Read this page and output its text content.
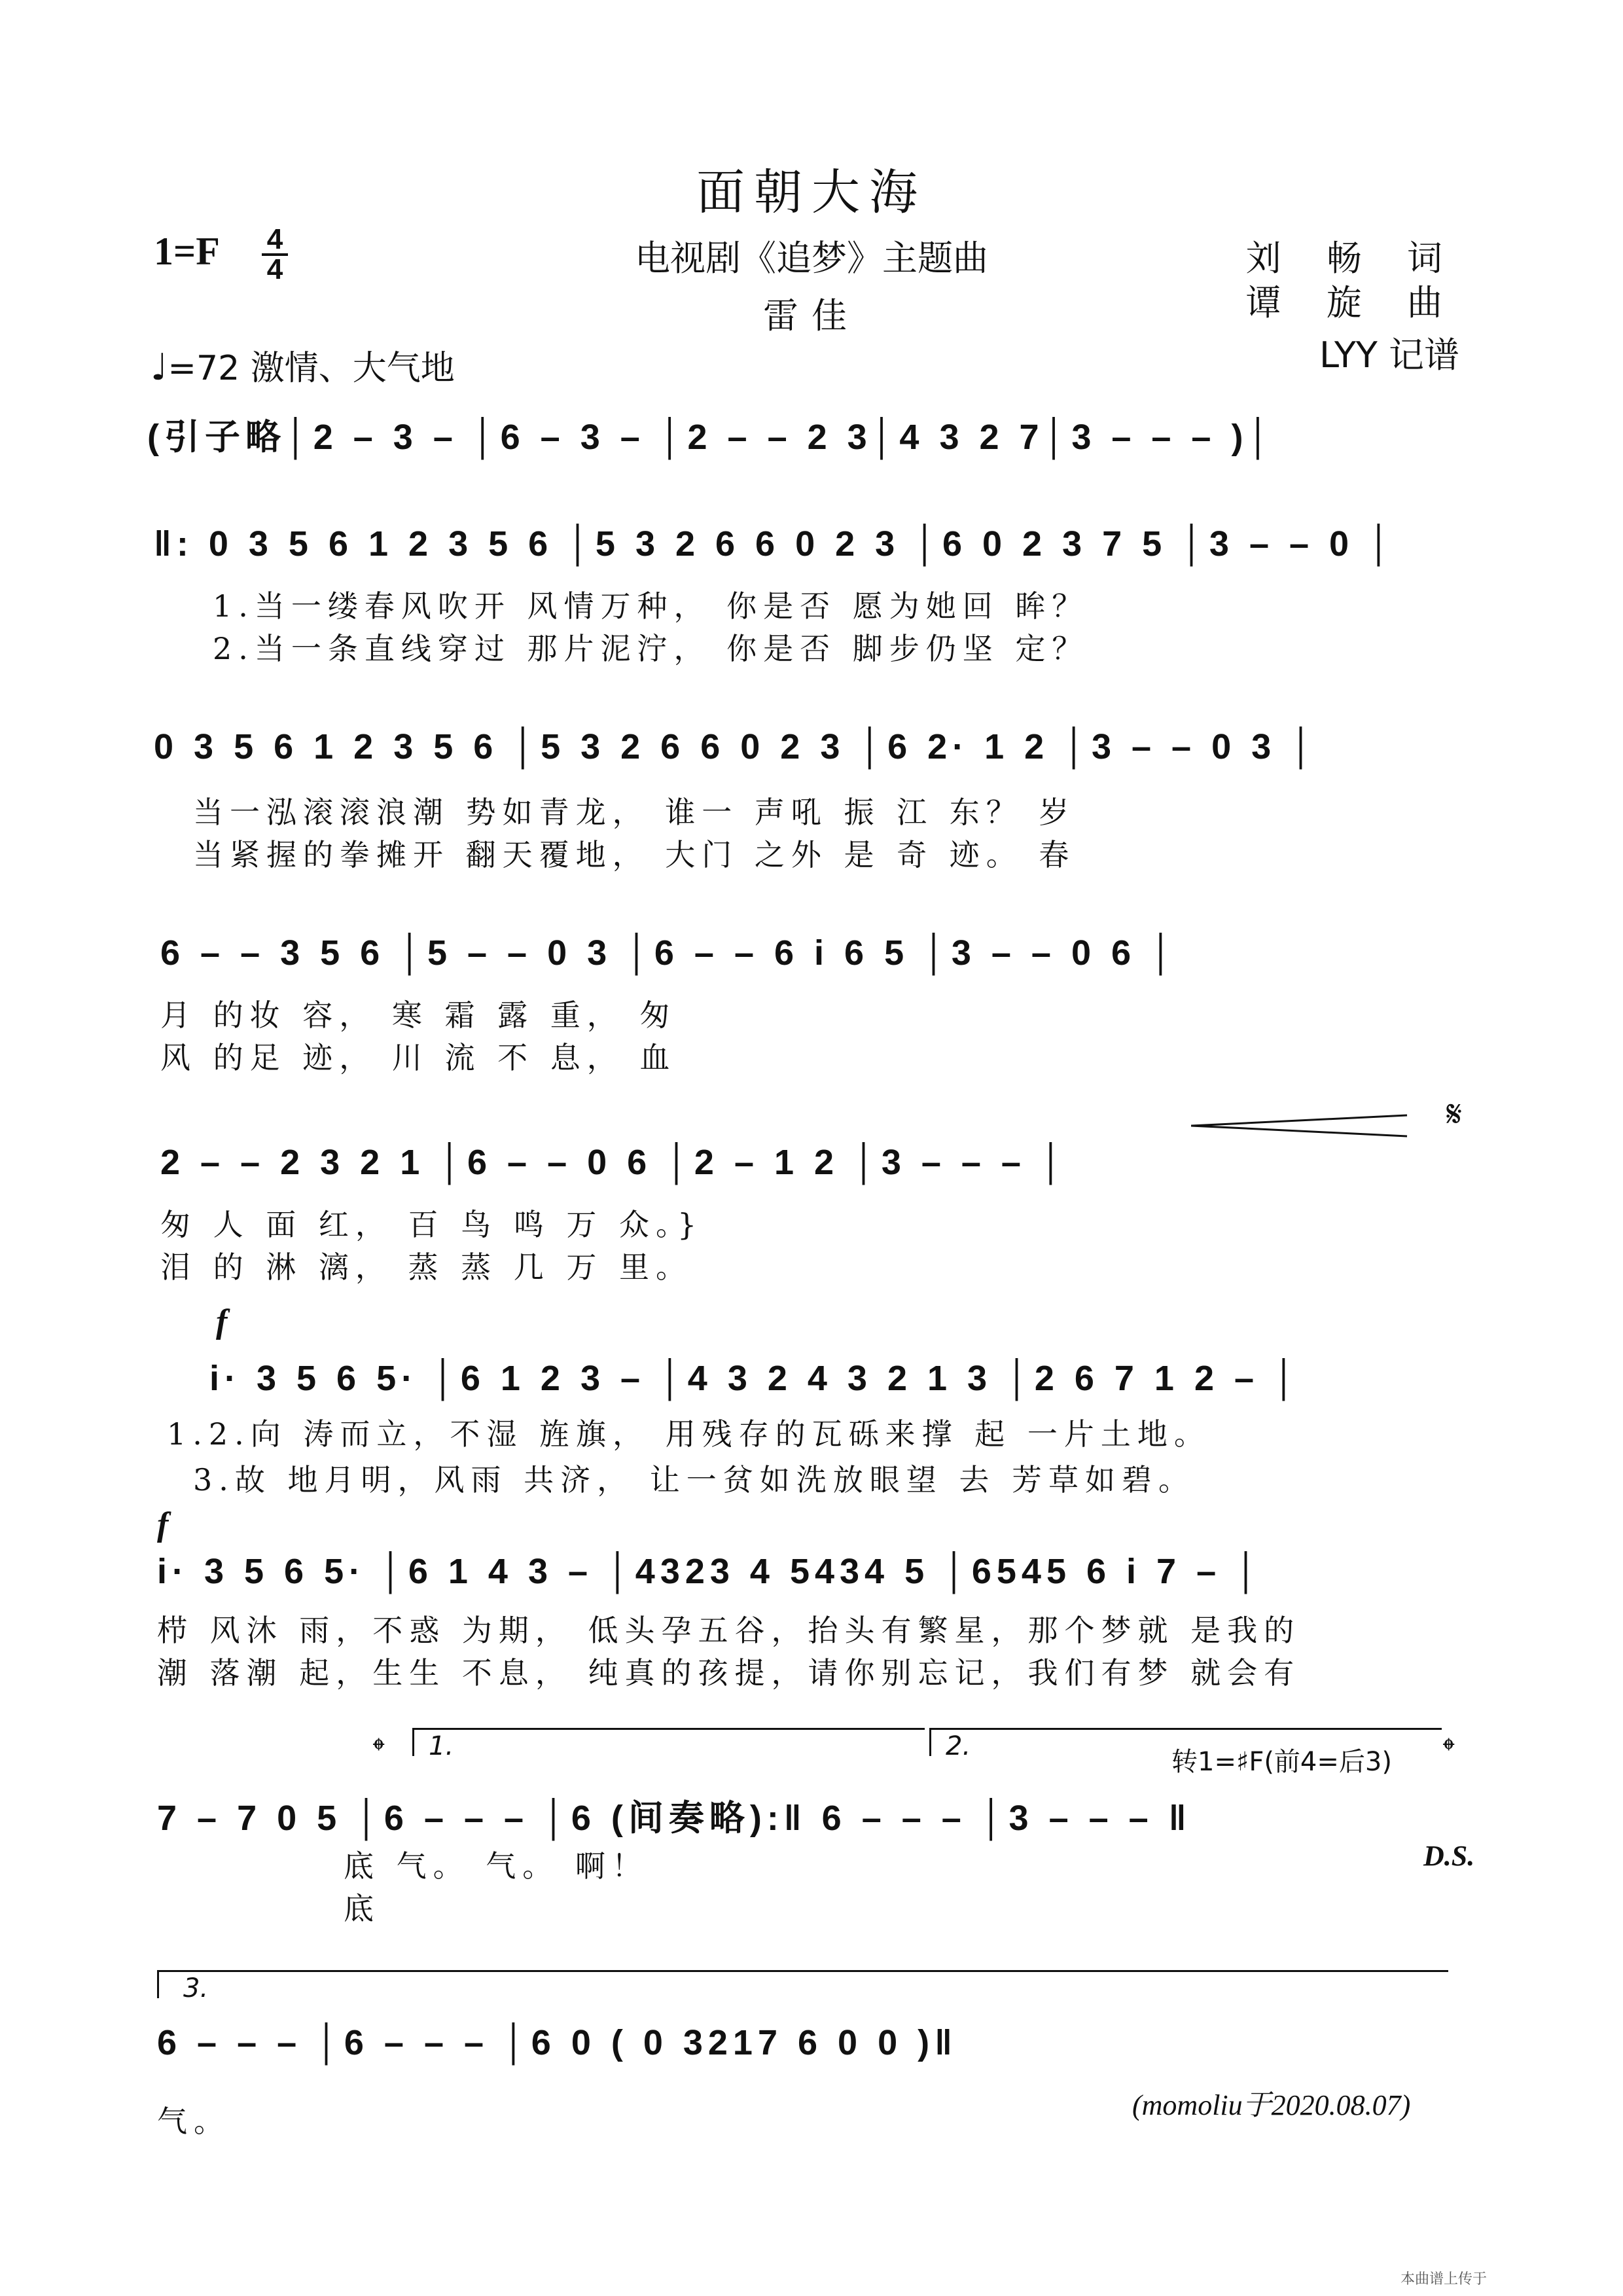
面朝大海
1=F 4
4	电视剧《追梦》主题曲
雷佳
刘 畅 词
谭 旋 曲
LYY 记谱
♩=72 激情、大气地
(引子略│2 – 3 – │6 – 3 – │2 – – 2 3│4 3 2 7│3 – – – )│
‖: 0 3 5 6 1 2 3 5 6 │5 3 2 6 6 0 2 3 │6 0 2 3 7 5 │3 – – 0 │
1.当一缕春风吹开 风情万种， 你是否 愿为她回 眸？
2.当一条直线穿过 那片泥泞， 你是否 脚步仍坚 定？
0 3 5 6 1 2 3 5 6 │5 3 2 6 6 0 2 3 │6 2· 1 2 │3 – – 0 3 │
当一泓滚滚浪潮 势如青龙， 谁一 声吼 振 江 东？ 岁
当紧握的拳摊开 翻天覆地， 大门 之外 是 奇 迹。 春
6 – – 3 5 6 │5 – – 0 3 │6 – – 6 i 6 5 │3 – – 0 6 │
月 的妆 容， 寒 霜 露 重， 匆
风 的足 迹， 川 流 不 息， 血
2 – – 2 3 2 1 │6 – – 0 6 │2 – 1 2 │3 – – – │
𝄋
匆 人 面 红， 百 鸟 鸣 万 众。}
泪 的 淋 漓， 蒸 蒸 几 万 里。
f
i· 3 5 6 5· │6 1 2 3 – │4 3 2 4 3 2 1 3 │2 6 7 1 2 – │
1.2.向 涛而立，不湿 旌旗， 用残存的瓦砾来撑 起 一片土地。
3.故 地月明，风雨 共济， 让一贫如洗放眼望 去 芳草如碧。
f
i· 3 5 6 5· │6 1 4 3 – │4323 4 5434 5 │6545 6 i 7 – │
栉 风沐 雨，不惑 为期， 低头孕五谷，抬头有繁星，那个梦就 是我的
潮 落潮 起，生生 不息， 纯真的孩提，请你别忘记，我们有梦 就会有
1.	2.
转1=♯F(前4=后3)
𝄌	𝄌
7 – 7 0 5 │6 – – – │6 (间奏略):‖ 6 – – – │3 – – – ‖
底 气。 气。 啊！
底
D.S.
3.
6 – – – │6 – – – │6 0 ( 0 3217 6 0 0 )‖
气。	(momoliu于2020.08.07)
本曲谱上传于
